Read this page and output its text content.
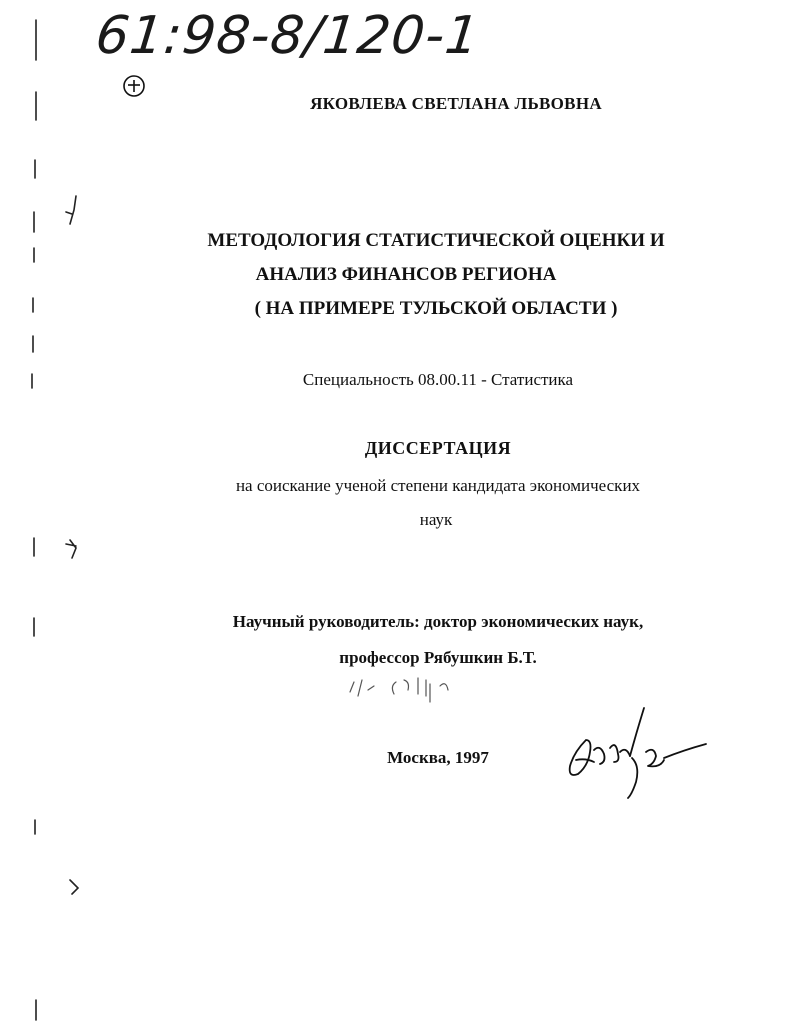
61:98-8/120-1
ЯКОВЛЕВА СВЕТЛАНА ЛЬВОВНА
МЕТОДОЛОГИЯ СТАТИСТИЧЕСКОЙ ОЦЕНКИ И
АНАЛИЗ ФИНАНСОВ РЕГИОНА
( НА ПРИМЕРЕ ТУЛЬСКОЙ ОБЛАСТИ )
Специальность 08.00.11 - Статистика
ДИССЕРТАЦИЯ
на соискание ученой степени кандидата экономических
наук
Научный руководитель: доктор экономических наук,
профессор Рябушкин Б.Т.
Москва, 1997
